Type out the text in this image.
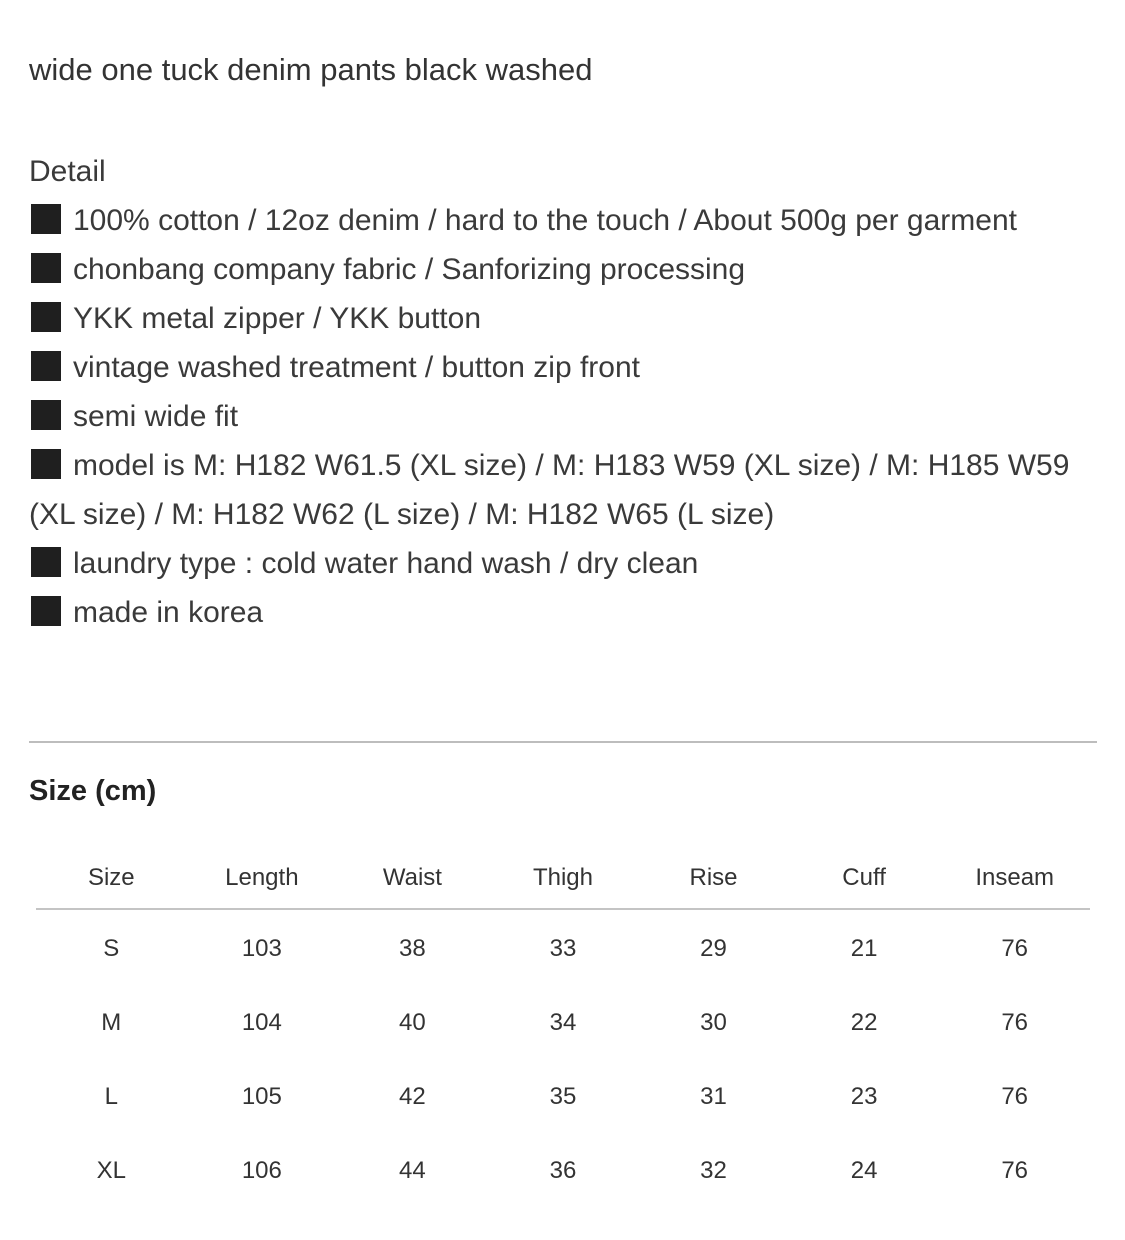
wide one tuck denim pants black washed
Detail
100% cotton / 12oz denim / hard to the touch / About 500g per garment
chonbang company fabric / Sanforizing processing
YKK metal zipper / YKK button
vintage washed treatment / button zip front
semi wide fit
model is M: H182 W61.5 (XL size) / M: H183 W59 (XL size) / M: H185 W59 (XL size) / M: H182 W62 (L size) / M: H182 W65 (L size)
laundry type : cold water hand wash / dry clean
made in korea
Size (cm)
Size	Length	Waist	Thigh	Rise	Cuff	Inseam
S	103	38	33	29	21	76
M	104	40	34	30	22	76
L	105	42	35	31	23	76
XL	106	44	36	32	24	76
